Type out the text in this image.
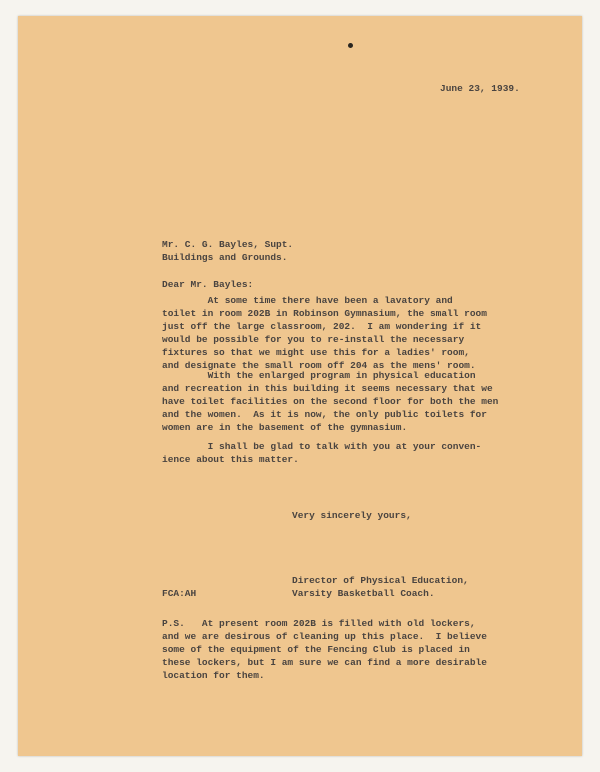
June 23, 1939.
Mr. C. G. Bayles, Supt.
Buildings and Grounds.
Dear Mr. Bayles:
At some time there have been a lavatory and
toilet in room 202B in Robinson Gymnasium, the small room
just off the large classroom, 202.  I am wondering if it
would be possible for you to re-install the necessary
fixtures so that we might use this for a ladies' room,
and designate the small room off 204 as the mens' room.
With the enlarged program in physical education
and recreation in this building it seems necessary that we
have toilet facilities on the second floor for both the men
and the women.  As it is now, the only public toilets for
women are in the basement of the gymnasium.
I shall be glad to talk with you at your conven-
ience about this matter.
Very sincerely yours,
Director of Physical Education,
Varsity Basketball Coach.
FCA:AH
P.S.   At present room 202B is filled with old lockers,
and we are desirous of cleaning up this place.  I believe
some of the equipment of the Fencing Club is placed in
these lockers, but I am sure we can find a more desirable
location for them.
